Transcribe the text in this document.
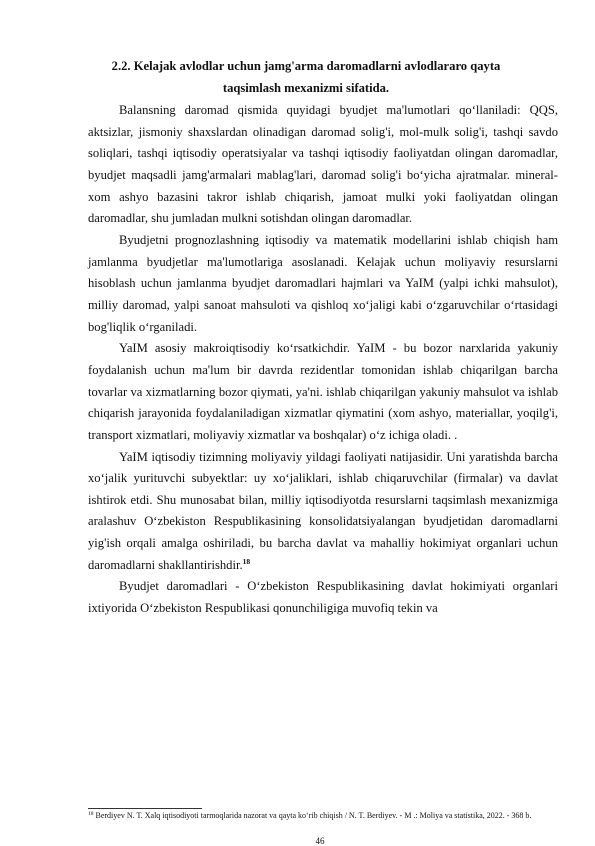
2.2. Kelajak avlodlar uchun jamg'arma daromadlarni avlodlararo qayta taqsimlash mexanizmi sifatida.

Balansning daromad qismida quyidagi byudjet ma'lumotlari qo‘llaniladi: QQS, aktsizlar, jismoniy shaxslardan olinadigan daromad solig'i, mol-mulk solig'i, tashqi savdo soliqlari, tashqi iqtisodiy operatsiyalar va tashqi iqtisodiy faoliyatdan olingan daromadlar, byudjet maqsadli jamg'armalari mablag'lari, daromad solig'i bo‘yicha ajratmalar. mineral-xom ashyo bazasini takror ishlab chiqarish, jamoat mulki yoki faoliyatdan olingan daromadlar, shu jumladan mulkni sotishdan olingan daromadlar.

Byudjetni prognozlashning iqtisodiy va matematik modellarini ishlab chiqish ham jamlanma byudjetlar ma'lumotlariga asoslanadi. Kelajak uchun moliyaviy resurslarni hisoblash uchun jamlanma byudjet daromadlari hajmlari va YaIM (yalpi ichki mahsulot), milliy daromad, yalpi sanoat mahsuloti va qishloq xo‘jaligi kabi o‘zgaruvchilar o‘rtasidagi bog'liqlik o‘rganiladi.

YaIM asosiy makroiqtisodiy ko‘rsatkichdir. YaIM - bu bozor narxlarida yakuniy foydalanish uchun ma'lum bir davrda rezidentlar tomonidan ishlab chiqarilgan barcha tovarlar va xizmatlarning bozor qiymati, ya'ni. ishlab chiqarilgan yakuniy mahsulot va ishlab chiqarish jarayonida foydalaniladigan xizmatlar qiymatini (xom ashyo, materiallar, yoqilg'i, transport xizmatlari, moliyaviy xizmatlar va boshqalar) o‘z ichiga oladi. .

YaIM iqtisodiy tizimning moliyaviy yildagi faoliyati natijasidir. Uni yaratishda barcha xo‘jalik yurituvchi subyektlar: uy xo‘jaliklari, ishlab chiqaruvchilar (firmalar) va davlat ishtirok etdi. Shu munosabat bilan, milliy iqtisodiyotda resurslarni taqsimlash mexanizmiga aralashuv O‘zbekiston Respublikasining konsolidatsiyalangan byudjetidan daromadlarni yig'ish orqali amalga oshiriladi, bu barcha davlat va mahalliy hokimiyat organlari uchun daromadlarni shakllantirishdir.$^{18}$

Byudjet daromadlari - O‘zbekiston Respublikasining davlat hokimiyati organlari ixtiyorida O‘zbekiston Respublikasi qonunchiligiga muvofiq tekin va

$^{18}$ Berdiyev N. T. Xalq iqtisodiyoti tarmoqlarida nazorat va qayta ko‘rib chiqish / N. T. Berdiyev. - M .: Moliya va statistika, 2022. - 368 b.
46
